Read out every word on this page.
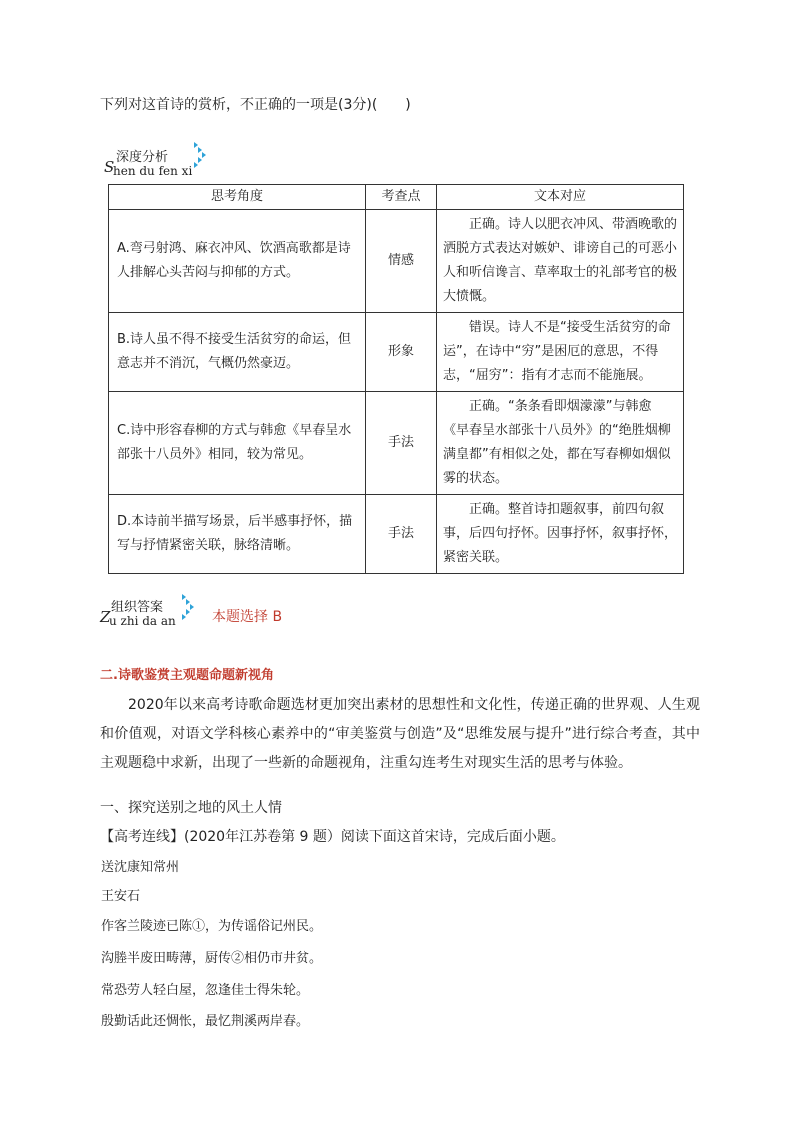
下列对这首诗的赏析，不正确的一项是(3分)(　　)
S
深度分析
hen du fen xi
思考角度	考查点	文本对应
A.弯弓射鸿、麻衣冲风、饮酒高歌都是诗人排解心头苦闷与抑郁的方式。	情感	正确。诗人以肥衣冲风、带酒晚歌的洒脱方式表达对嫉妒、诽谤自己的可恶小人和听信谗言、草率取士的礼部考官的极大愤慨。
B.诗人虽不得不接受生活贫穷的命运，但意志并不消沉，气概仍然豪迈。	形象	错误。诗人不是“接受生活贫穷的命运”，在诗中“穷”是困厄的意思，不得志，“屈穷”：指有才志而不能施展。
C.诗中形容春柳的方式与韩愈《早春呈水部张十八员外》相同，较为常见。	手法	正确。“条条看即烟濛濛”与韩愈《早春呈水部张十八员外》的“绝胜烟柳满皇都”有相似之处，都在写春柳如烟似雾的状态。
D.本诗前半描写场景，后半感事抒怀，描写与抒情紧密关联，脉络清晰。	手法	正确。整首诗扣题叙事，前四句叙事，后四句抒怀。因事抒怀，叙事抒怀，紧密关联。
Z
组织答案
u zhi da an	本题选择 B
二.诗歌鉴赏主观题命题新视角
2020年以来高考诗歌命题选材更加突出素材的思想性和文化性，传递正确的世界观、人生观和价值观，对语文学科核心素养中的“审美鉴赏与创造”及“思维发展与提升”进行综合考查，其中主观题稳中求新，出现了一些新的命题视角，注重勾连考生对现实生活的思考与体验。
一、探究送别之地的风土人情
【高考连线】(2020年江苏卷第 9 题）阅读下面这首宋诗，完成后面小题。
送沈康知常州
王安石
作客兰陵迹已陈①，为传谣俗记州民。
沟塍半废田畴薄，厨传②相仍市井贫。
常恐劳人轻白屋，忽逢佳士得朱轮。
殷勤话此还惆怅，最忆荆溪两岸春。
